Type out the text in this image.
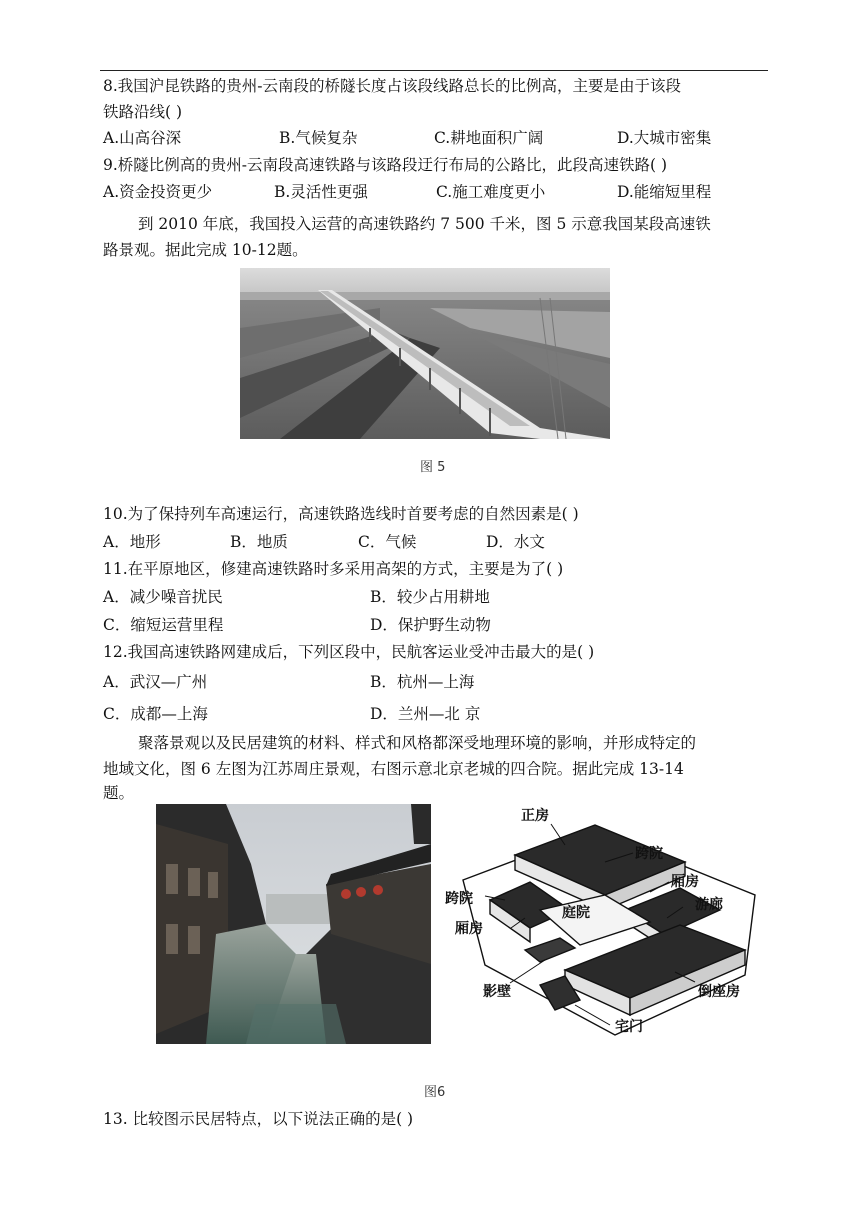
8.我国沪昆铁路的贵州-云南段的桥隧长度占该段线路总长的比例高，主要是由于该段
铁路沿线( )
A.山高谷深	B.气候复杂	C.耕地面积广阔	D.大城市密集
9.桥隧比例高的贵州-云南段高速铁路与该路段迂行布局的公路比，此段高速铁路( )
A.资金投资更少	B.灵活性更强	C.施工难度更小	D.能缩短里程
到 2010 年底，我国投入运营的高速铁路约 7 500 千米，图 5 示意我国某段高速铁
路景观。据此完成 10-12题。
图 5
10.为了保持列车高速运行，高速铁路选线时首要考虑的自然因素是( )
A．地形	B．地质	C．气候	D．水文
11.在平原地区，修建高速铁路时多采用高架的方式，主要是为了( )
A．减少噪音扰民	B．较少占用耕地
C．缩短运营里程	D．保护野生动物
12.我国高速铁路网建成后，下列区段中，民航客运业受冲击最大的是( )
A．武汉—广州	B．杭州—上海
C．成都—上海	D．兰州—北 京
聚落景观以及民居建筑的材料、样式和风格都深受地理环境的影响，并形成特定的
地域文化，图 6 左图为江苏周庄景观，右图示意北京老城的四合院。据此完成 13-14
题。
正房
跨院
厢房
游廊
跨院
庭院
厢房
影壁	倒座房
宅门
图6
13. 比较图示民居特点，以下说法正确的是( )
